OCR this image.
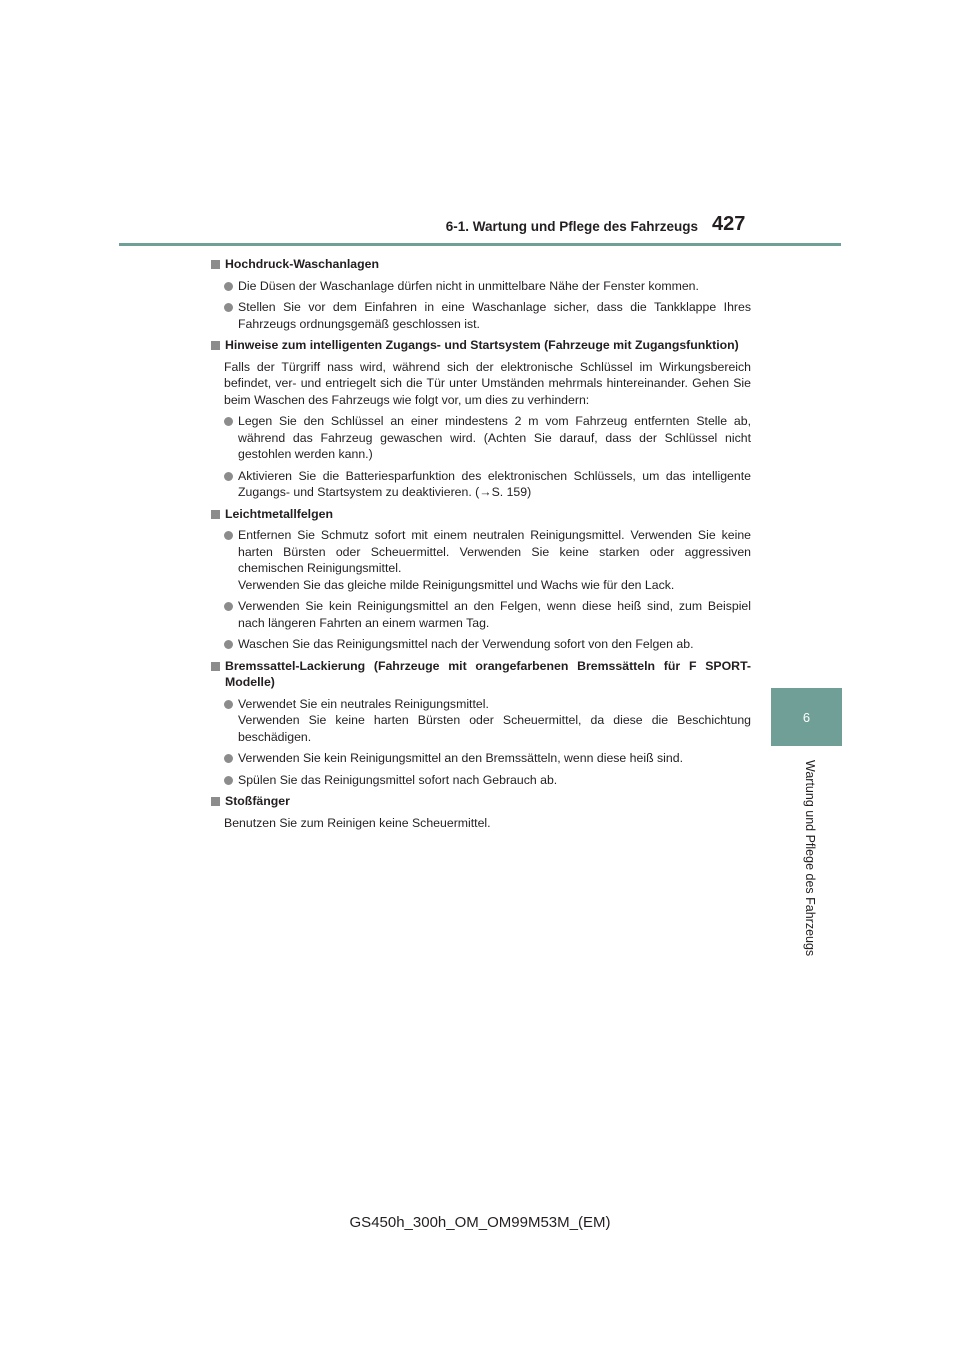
6-1. Wartung und Pflege des Fahrzeugs 427
6
Wartung und Pflege des Fahrzeugs
Hochdruck-Waschanlagen
Die Düsen der Waschanlage dürfen nicht in unmittelbare Nähe der Fenster kommen.
Stellen Sie vor dem Einfahren in eine Waschanlage sicher, dass die Tankklappe Ihres Fahrzeugs ordnungsgemäß geschlossen ist.
Hinweise zum intelligenten Zugangs- und Startsystem (Fahrzeuge mit Zugangsfunktion)
Falls der Türgriff nass wird, während sich der elektronische Schlüssel im Wirkungsbereich befindet, ver- und entriegelt sich die Tür unter Umständen mehrmals hintereinander. Gehen Sie beim Waschen des Fahrzeugs wie folgt vor, um dies zu verhindern:
Legen Sie den Schlüssel an einer mindestens 2 m vom Fahrzeug entfernten Stelle ab, während das Fahrzeug gewaschen wird. (Achten Sie darauf, dass der Schlüssel nicht gestohlen werden kann.)
Aktivieren Sie die Batteriesparfunktion des elektronischen Schlüssels, um das intelligente Zugangs- und Startsystem zu deaktivieren. (→S. 159)
Leichtmetallfelgen
Entfernen Sie Schmutz sofort mit einem neutralen Reinigungsmittel. Verwenden Sie keine harten Bürsten oder Scheuermittel. Verwenden Sie keine starken oder aggressiven chemischen Reinigungsmittel.
Verwenden Sie das gleiche milde Reinigungsmittel und Wachs wie für den Lack.
Verwenden Sie kein Reinigungsmittel an den Felgen, wenn diese heiß sind, zum Beispiel nach längeren Fahrten an einem warmen Tag.
Waschen Sie das Reinigungsmittel nach der Verwendung sofort von den Felgen ab.
Bremssattel-Lackierung (Fahrzeuge mit orangefarbenen Bremssätteln für F SPORT-Modelle)
Verwendet Sie ein neutrales Reinigungsmittel.
Verwenden Sie keine harten Bürsten oder Scheuermittel, da diese die Beschichtung beschädigen.
Verwenden Sie kein Reinigungsmittel an den Bremssätteln, wenn diese heiß sind.
Spülen Sie das Reinigungsmittel sofort nach Gebrauch ab.
Stoßfänger
Benutzen Sie zum Reinigen keine Scheuermittel.
GS450h_300h_OM_OM99M53M_(EM)
